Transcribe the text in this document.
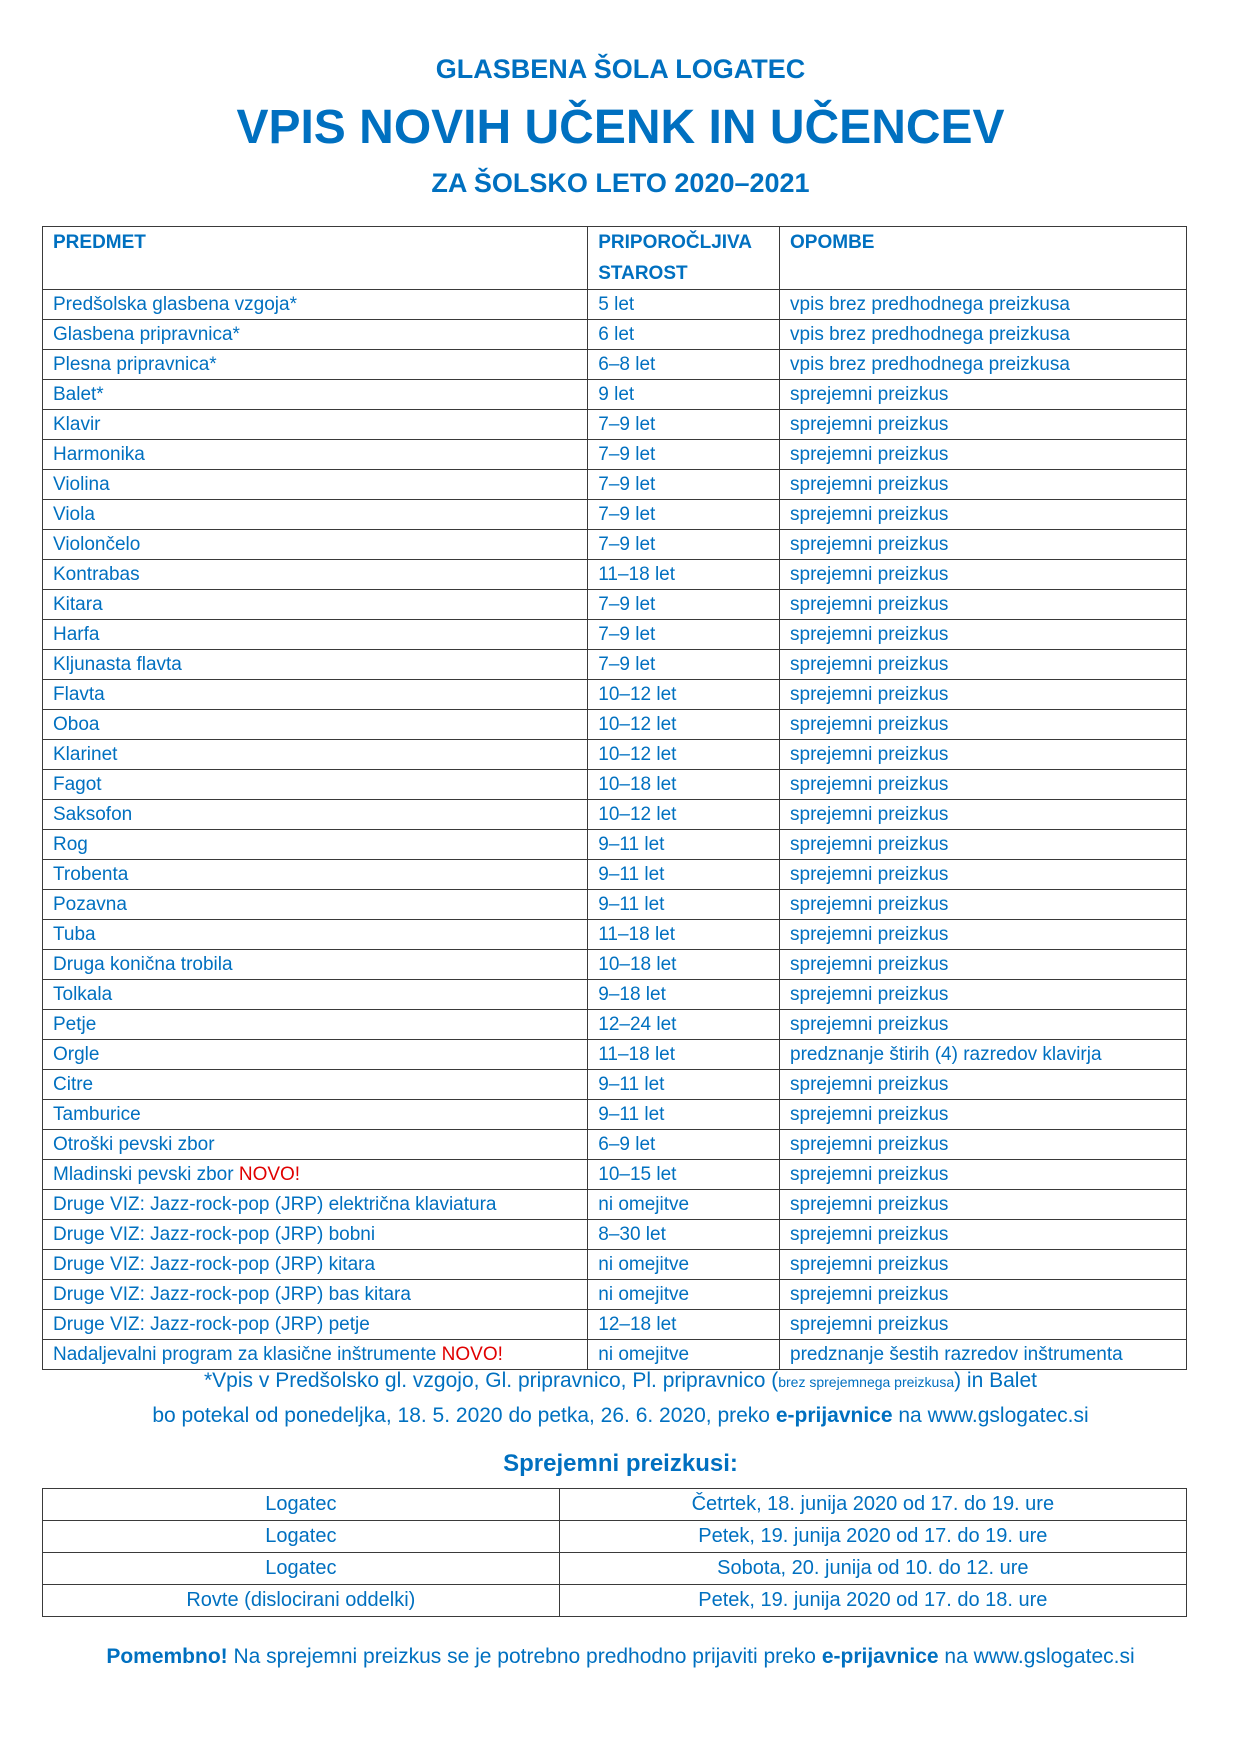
GLASBENA ŠOLA LOGATEC
VPIS NOVIH UČENK IN UČENCEV
ZA ŠOLSKO LETO 2020–2021
PREDMET	PRIPOROČLJIVA STAROST	OPOMBE
Predšolska glasbena vzgoja*	5 let	vpis brez predhodnega preizkusa
Glasbena pripravnica*	6 let	vpis brez predhodnega preizkusa
Plesna pripravnica*	6–8 let	vpis brez predhodnega preizkusa
Balet*	9 let	sprejemni preizkus
Klavir	7–9 let	sprejemni preizkus
Harmonika	7–9 let	sprejemni preizkus
Violina	7–9 let	sprejemni preizkus
Viola	7–9 let	sprejemni preizkus
Violončelo	7–9 let	sprejemni preizkus
Kontrabas	11–18 let	sprejemni preizkus
Kitara	7–9 let	sprejemni preizkus
Harfa	7–9 let	sprejemni preizkus
Kljunasta flavta	7–9 let	sprejemni preizkus
Flavta	10–12 let	sprejemni preizkus
Oboa	10–12 let	sprejemni preizkus
Klarinet	10–12 let	sprejemni preizkus
Fagot	10–18 let	sprejemni preizkus
Saksofon	10–12 let	sprejemni preizkus
Rog	9–11 let	sprejemni preizkus
Trobenta	9–11 let	sprejemni preizkus
Pozavna	9–11 let	sprejemni preizkus
Tuba	11–18 let	sprejemni preizkus
Druga konična trobila	10–18 let	sprejemni preizkus
Tolkala	9–18 let	sprejemni preizkus
Petje	12–24 let	sprejemni preizkus
Orgle	11–18 let	predznanje štirih (4) razredov klavirja
Citre	9–11 let	sprejemni preizkus
Tamburice	9–11 let	sprejemni preizkus
Otroški pevski zbor	6–9 let	sprejemni preizkus
Mladinski pevski zbor NOVO!	10–15 let	sprejemni preizkus
Druge VIZ: Jazz-rock-pop (JRP) električna klaviatura	ni omejitve	sprejemni preizkus
Druge VIZ: Jazz-rock-pop (JRP) bobni	8–30 let	sprejemni preizkus
Druge VIZ: Jazz-rock-pop (JRP) kitara	ni omejitve	sprejemni preizkus
Druge VIZ: Jazz-rock-pop (JRP) bas kitara	ni omejitve	sprejemni preizkus
Druge VIZ: Jazz-rock-pop (JRP) petje	12–18 let	sprejemni preizkus
Nadaljevalni program za klasične inštrumente NOVO!	ni omejitve	predznanje šestih razredov inštrumenta
*Vpis v Predšolsko gl. vzgojo, Gl. pripravnico, Pl. pripravnico (brez sprejemnega preizkusa) in Balet
bo potekal od ponedeljka, 18. 5. 2020 do petka, 26. 6. 2020, preko e-prijavnice na www.gslogatec.si
Sprejemni preizkusi:
Logatec	Četrtek, 18. junija 2020 od 17. do 19. ure
Logatec	Petek, 19. junija 2020 od 17. do 19. ure
Logatec	Sobota, 20. junija od 10. do 12. ure
Rovte (dislocirani oddelki)	Petek, 19. junija 2020 od 17. do 18. ure
Pomembno! Na sprejemni preizkus se je potrebno predhodno prijaviti preko e-prijavnice na www.gslogatec.si
